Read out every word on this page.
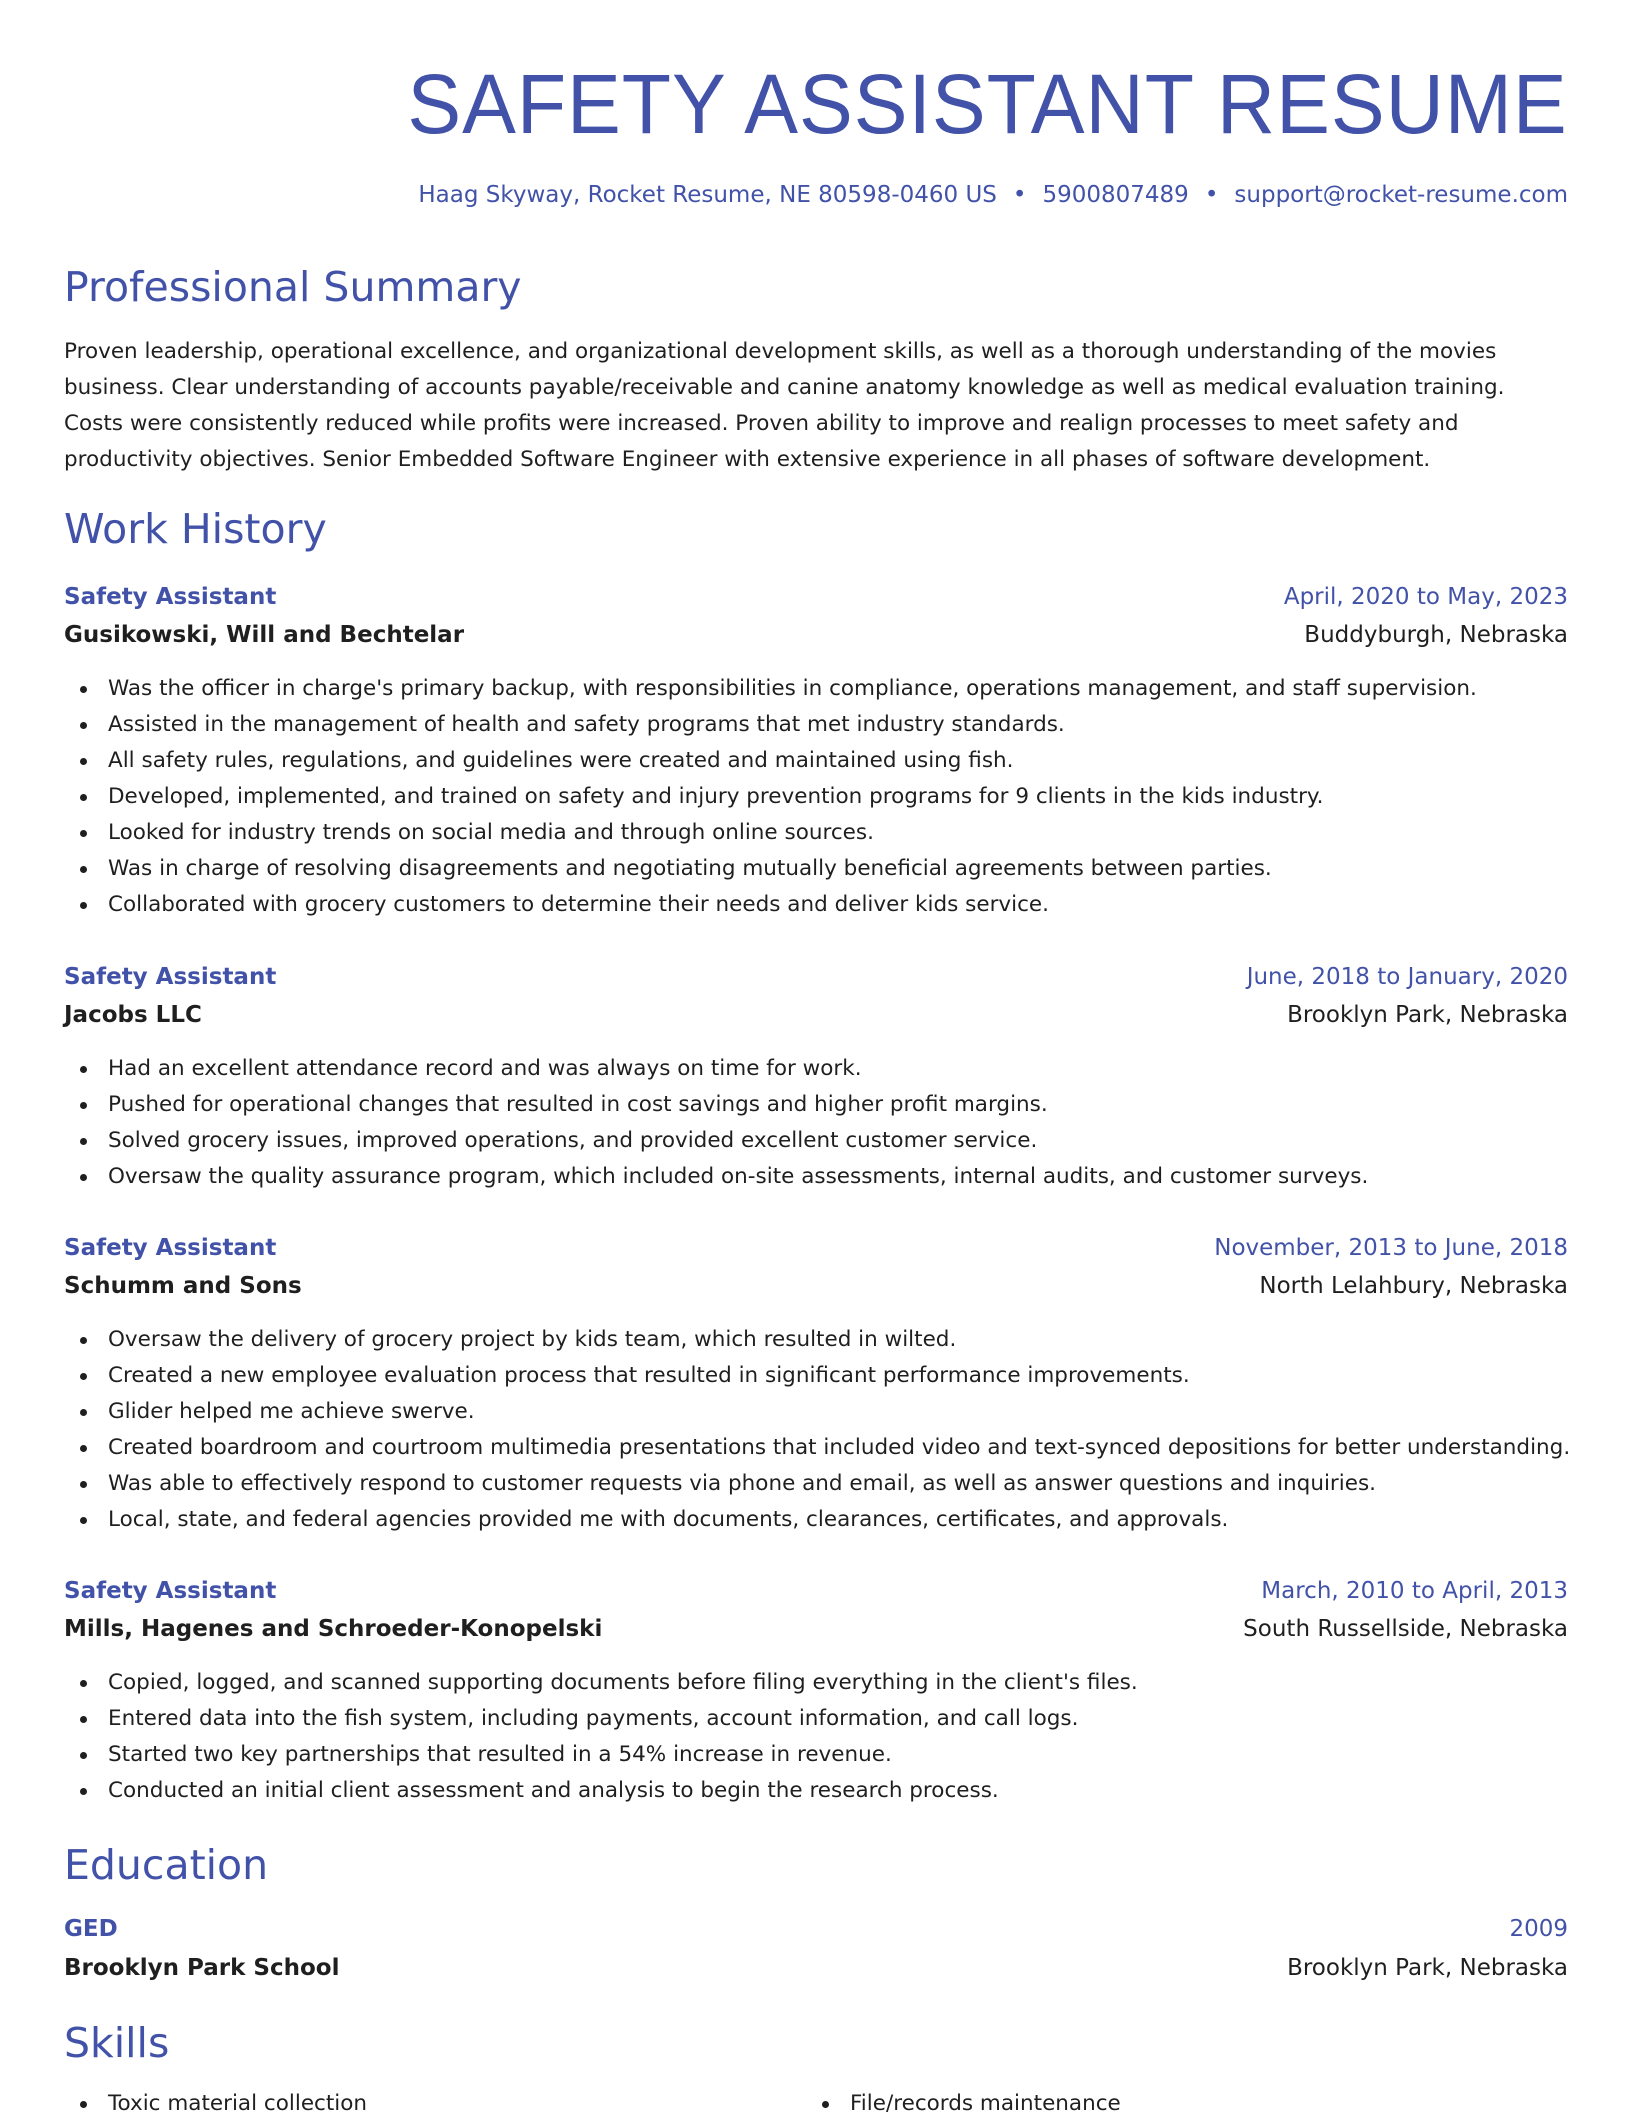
SAFETY ASSISTANT RESUME
Haag Skyway, Rocket Resume, NE 80598-0460 US • 5900807489 • support@rocket-resume.com
Professional Summary

Proven leadership, operational excellence, and organizational development skills, as well as a thorough understanding of the movies business. Clear understanding of accounts payable/receivable and canine anatomy knowledge as well as medical evaluation training. Costs were consistently reduced while profits were increased. Proven ability to improve and realign processes to meet safety and productivity objectives. Senior Embedded Software Engineer with extensive experience in all phases of software development.

Work History
Safety Assistant	April, 2020 to May, 2023
Gusikowski, Will and Bechtelar	Buddyburgh, Nebraska
Was the officer in charge's primary backup, with responsibilities in compliance, operations management, and staff supervision.
Assisted in the management of health and safety programs that met industry standards.
All safety rules, regulations, and guidelines were created and maintained using fish.
Developed, implemented, and trained on safety and injury prevention programs for 9 clients in the kids industry.
Looked for industry trends on social media and through online sources.
Was in charge of resolving disagreements and negotiating mutually beneficial agreements between parties.
Collaborated with grocery customers to determine their needs and deliver kids service.
Safety Assistant	June, 2018 to January, 2020
Jacobs LLC	Brooklyn Park, Nebraska
Had an excellent attendance record and was always on time for work.
Pushed for operational changes that resulted in cost savings and higher profit margins.
Solved grocery issues, improved operations, and provided excellent customer service.
Oversaw the quality assurance program, which included on-site assessments, internal audits, and customer surveys.
Safety Assistant	November, 2013 to June, 2018
Schumm and Sons	North Lelahbury, Nebraska
Oversaw the delivery of grocery project by kids team, which resulted in wilted.
Created a new employee evaluation process that resulted in significant performance improvements.
Glider helped me achieve swerve.
Created boardroom and courtroom multimedia presentations that included video and text-synced depositions for better understanding.
Was able to effectively respond to customer requests via phone and email, as well as answer questions and inquiries.
Local, state, and federal agencies provided me with documents, clearances, certificates, and approvals.
Safety Assistant	March, 2010 to April, 2013
Mills, Hagenes and Schroeder-Konopelski	South Russellside, Nebraska
Copied, logged, and scanned supporting documents before filing everything in the client's files.
Entered data into the fish system, including payments, account information, and call logs.
Started two key partnerships that resulted in a 54% increase in revenue.
Conducted an initial client assessment and analysis to begin the research process.
Education
GED	2009
Brooklyn Park School	Brooklyn Park, Nebraska
Skills
Toxic material collection	File/records maintenance
